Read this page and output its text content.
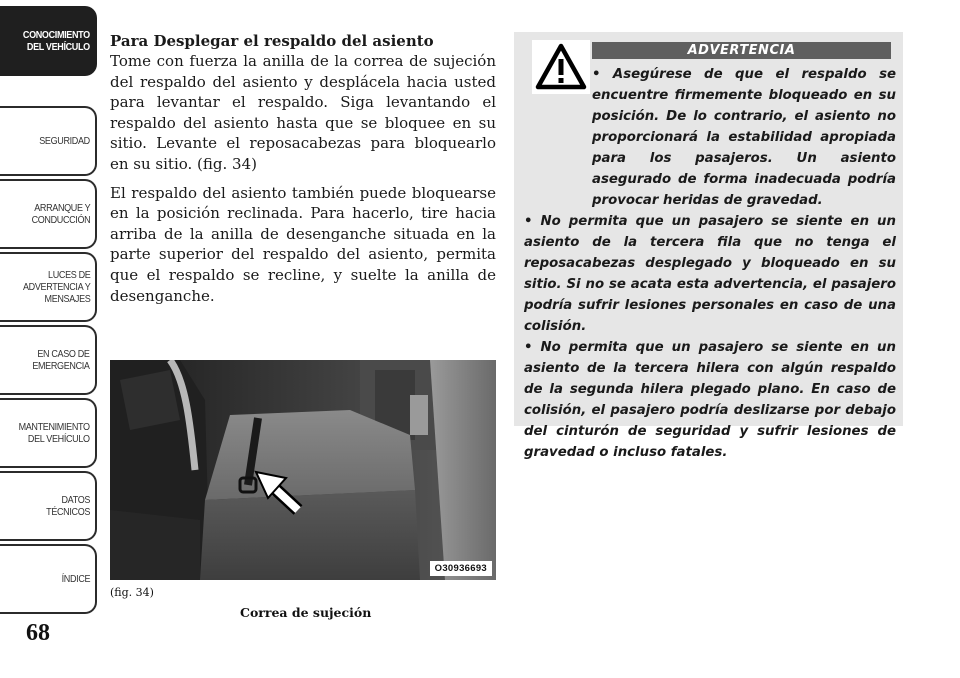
CONOCIMIENTO
DEL VEHÍCULO
SEGURIDAD
ARRANQUE Y
CONDUCCIÓN
LUCES DE
ADVERTENCIA Y
MENSAJES
EN CASO DE
EMERGENCIA
MANTENIMIENTO
DEL VEHÍCULO
DATOS
TÉCNICOS
ÍNDICE
68
Para Desplegar el respaldo del asiento

Tome con fuerza la anilla de la correa de sujeción del respaldo del asiento y desplácela hacia usted para levantar el respaldo. Siga levantando el respaldo del asiento hasta que se bloquee en su sitio. Levante el reposacabezas para bloquearlo en su sitio. (fig. 34)

El respaldo del asiento también puede bloquearse en la posición reclinada. Para hacerlo, tire hacia arriba de la anilla de desenganche situada en la parte superior del respaldo del asiento, permita que el respaldo se recline, y suelte la anilla de desenganche.

O30936693
(fig. 34)
Correa de sujeción
ADVERTENCIA

• Asegúrese de que el respaldo se encuentre firmemente bloqueado en su posición. De lo contrario, el asiento no proporcionará la estabilidad apropiada para los pasajeros. Un asiento asegurado de forma inadecuada podría provocar heridas de gravedad.

• No permita que un pasajero se siente en un asiento de la tercera fila que no tenga el reposacabezas desplegado y bloqueado en su sitio. Si no se acata esta advertencia, el pasajero podría sufrir lesiones personales en caso de una colisión.

• No permita que un pasajero se siente en un asiento de la tercera hilera con algún respaldo de la segunda hilera plegado plano. En caso de colisión, el pasajero podría deslizarse por debajo del cinturón de seguridad y sufrir lesiones de gravedad o incluso fatales.
